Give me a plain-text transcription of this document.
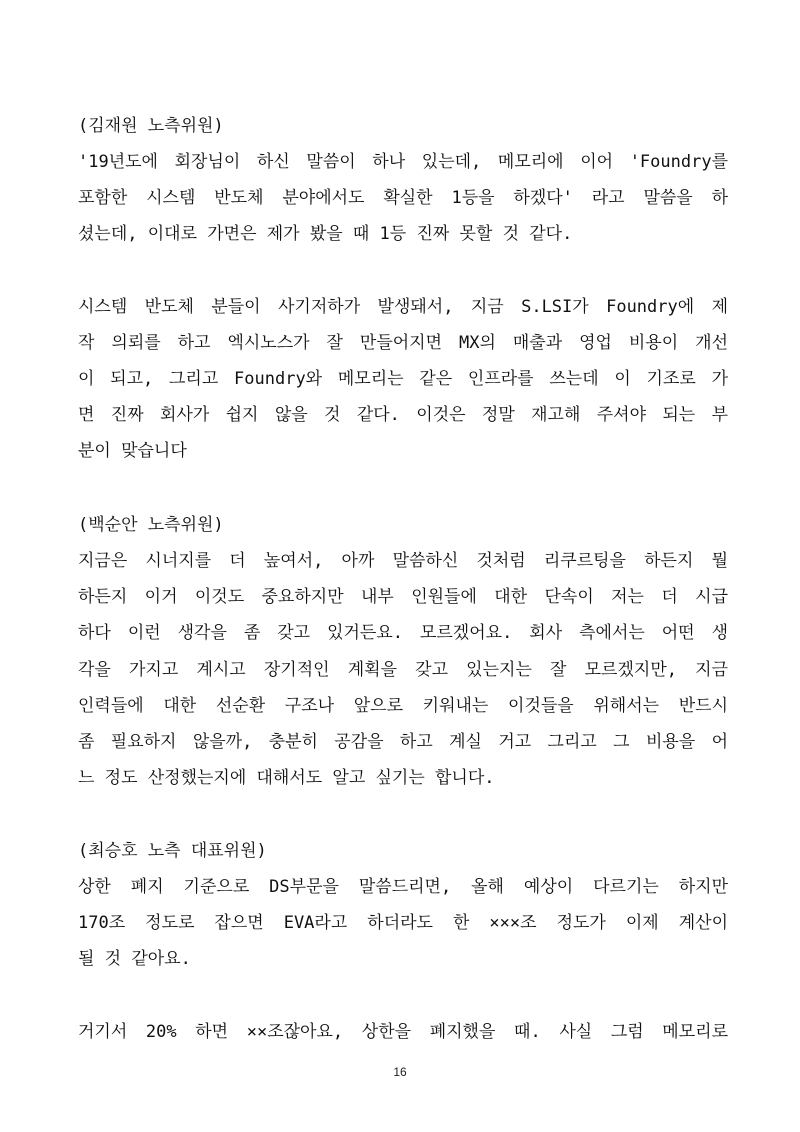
(김재원 노측위원)
'19년도에 회장님이 하신 말씀이 하나 있는데, 메모리에 이어 'Foundry를
포함한 시스템 반도체 분야에서도 확실한 1등을 하겠다' 라고 말씀을 하
셨는데, 이대로 가면은 제가 봤을 때 1등 진짜 못할 것 같다.
시스템 반도체 분들이 사기저하가 발생돼서, 지금 S.LSI가 Foundry에 제
작 의뢰를 하고 엑시노스가 잘 만들어지면 MX의 매출과 영업 비용이 개선
이 되고, 그리고 Foundry와 메모리는 같은 인프라를 쓰는데 이 기조로 가
면 진짜 회사가 쉽지 않을 것 같다. 이것은 정말 재고해 주셔야 되는 부
분이 맞습니다
(백순안 노측위원)
지금은 시너지를 더 높여서, 아까 말씀하신 것처럼 리쿠르팅을 하든지 뭘
하든지 이거 이것도 중요하지만 내부 인원들에 대한 단속이 저는 더 시급
하다 이런 생각을 좀 갖고 있거든요. 모르겠어요. 회사 측에서는 어떤 생
각을 가지고 계시고 장기적인 계획을 갖고 있는지는 잘 모르겠지만, 지금
인력들에 대한 선순환 구조나 앞으로 키워내는 이것들을 위해서는 반드시
좀 필요하지 않을까, 충분히 공감을 하고 계실 거고 그리고 그 비용을 어
느 정도 산정했는지에 대해서도 알고 싶기는 합니다.
(최승호 노측 대표위원)
상한 폐지 기준으로 DS부문을 말씀드리면, 올해 예상이 다르기는 하지만
170조 정도로 잡으면 EVA라고 하더라도 한 ×××조 정도가 이제 계산이
될 것 같아요.
거기서 20% 하면 ××조잖아요, 상한을 폐지했을 때. 사실 그럼 메모리로
16
